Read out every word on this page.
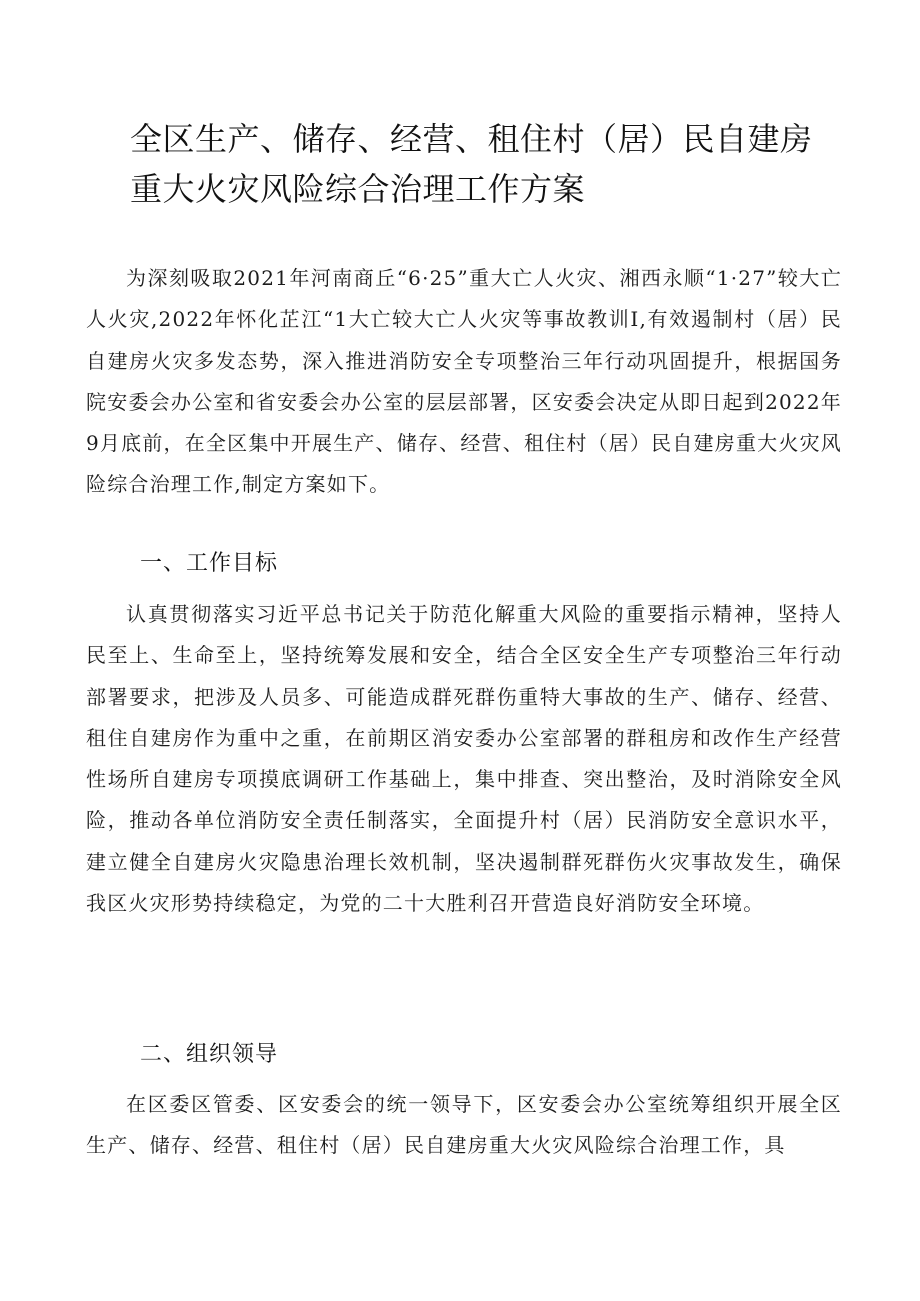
全区生产、储存、经营、租住村（居）民自建房重大火灾风险综合治理工作方案

为深刻吸取2021年河南商丘“6·25”重大亡人火灾、湘西永顺“1·27”较大亡人火灾,2022年怀化芷江“1大亡较大亡人火灾等事故教训I,有效遏制村（居）民自建房火灾多发态势，深入推进消防安全专项整治三年行动巩固提升，根据国务院安委会办公室和省安委会办公室的层层部署，区安委会决定从即日起到2022年9月底前，在全区集中开展生产、储存、经营、租住村（居）民自建房重大火灾风险综合治理工作,制定方案如下。

一、工作目标

认真贯彻落实习近平总书记关于防范化解重大风险的重要指示精神，坚持人民至上、生命至上，坚持统筹发展和安全，结合全区安全生产专项整治三年行动部署要求，把涉及人员多、可能造成群死群伤重特大事故的生产、储存、经营、租住自建房作为重中之重，在前期区消安委办公室部署的群租房和改作生产经营性场所自建房专项摸底调研工作基础上，集中排查、突出整治，及时消除安全风险，推动各单位消防安全责任制落实，全面提升村（居）民消防安全意识水平，建立健全自建房火灾隐患治理长效机制，坚决遏制群死群伤火灾事故发生，确保我区火灾形势持续稳定，为党的二十大胜利召开营造良好消防安全环境。

二、组织领导

在区委区管委、区安委会的统一领导下，区安委会办公室统筹组织开展全区生产、储存、经营、租住村（居）民自建房重大火灾风险综合治理工作，具
